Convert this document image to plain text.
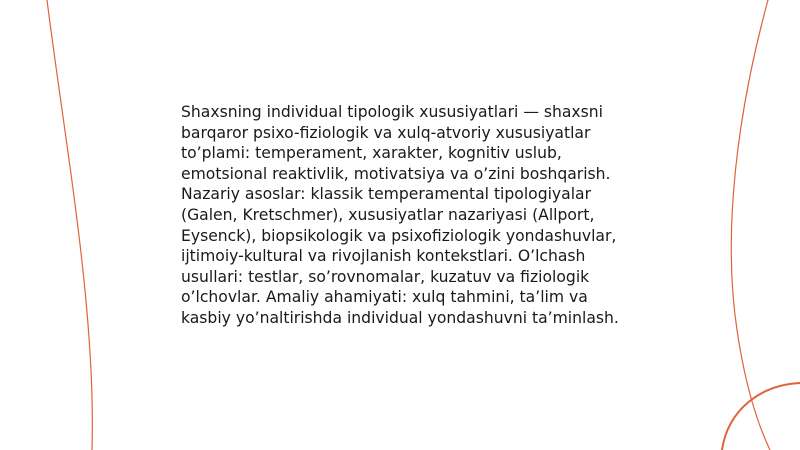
Shaxsning individual tipologik xususiyatlari — shaxsni barqaror psixo-fiziologik va xulq-atvoriy xususiyatlar to’plami: temperament, xarakter, kognitiv uslub, emotsional reaktivlik, motivatsiya va o’zini boshqarish. Nazariy asoslar: klassik temperamental tipologiyalar (Galen, Kretschmer), xususiyatlar nazariyasi (Allport, Eysenck), biopsikologik va psixofiziologik yondashuvlar, ijtimoiy-kultural va rivojlanish kontekstlari. O’lchash usullari: testlar, so’rovnomalar, kuzatuv va fiziologik o’lchovlar. Amaliy ahamiyati: xulq tahmini, ta’lim va kasbiy yo’naltirishda individual yondashuvni ta’minlash.
